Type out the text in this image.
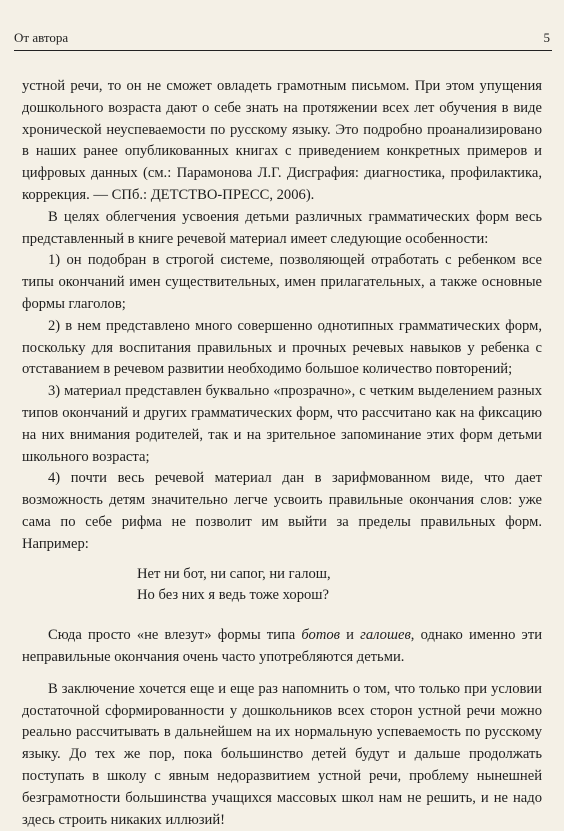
От автора	5

устной речи, то он не сможет овладеть грамотным письмом. При этом упущения дошкольного возраста дают о себе знать на протяжении всех лет обучения в виде хронической неуспеваемости по русскому языку. Это подробно проанализировано в наших ранее опубликованных книгах с приведением конкретных примеров и цифровых данных (см.: Парамонова Л.Г. Дисграфия: диагностика, профилактика, коррекция. — СПб.: ДЕТСТВО-ПРЕСС, 2006).

В целях облегчения усвоения детьми различных грамматических форм весь представленный в книге речевой материал имеет следующие особенности:

1) он подобран в строгой системе, позволяющей отработать с ребенком все типы окончаний имен существительных, имен прилагательных, а также основные формы глаголов;

2) в нем представлено много совершенно однотипных грамматических форм, поскольку для воспитания правильных и прочных речевых навыков у ребенка с отставанием в речевом развитии необходимо большое количество повторений;

3) материал представлен буквально «прозрачно», с четким выделением разных типов окончаний и других грамматических форм, что рассчитано как на фиксацию на них внимания родителей, так и на зрительное запоминание этих форм детьми школьного возраста;

4) почти весь речевой материал дан в зарифмованном виде, что дает возможность детям значительно легче усвоить правильные окончания слов: уже сама по себе рифма не позволит им выйти за пределы правильных форм. Например:

Нет ни бот, ни сапог, ни галош,
Но без них я ведь тоже хорош?

Сюда просто «не влезут» формы типа ботов и галошев, однако именно эти неправильные окончания очень часто употребляются детьми.

В заключение хочется еще и еще раз напомнить о том, что только при условии достаточной сформированности у дошкольников всех сторон устной речи можно реально рассчитывать в дальнейшем на их нормальную успеваемость по русскому языку. До тех же пор, пока большинство детей будут и дальше продолжать поступать в школу с явным недоразвитием устной речи, проблему нынешней безграмотности большинства учащихся массовых школ нам не решить, и не надо здесь строить никаких иллюзий!
